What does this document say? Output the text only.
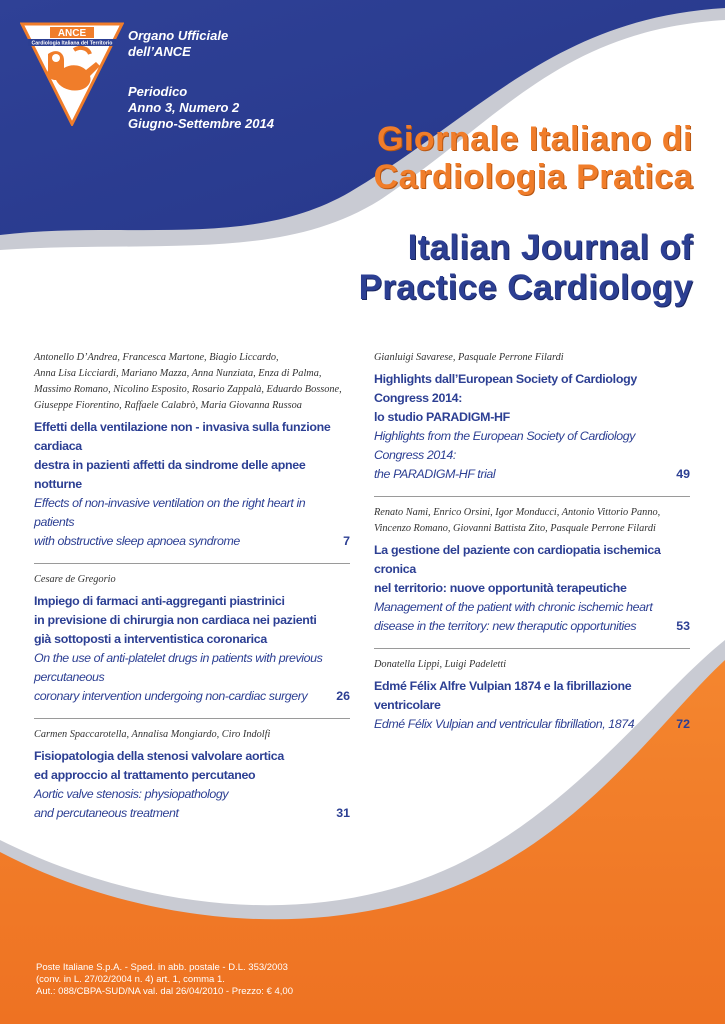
ANCE
Cardiologia Italiana del Territorio
Organo Ufficiale
dell’ANCE
Periodico
Anno 3, Numero 2
Giugno-Settembre 2014	Giornale Italiano di
Cardiologia Pratica
Italian Journal of
Practice Cardiology
Antonello D’Andrea, Francesca Martone, Biagio Liccardo,
Anna Lisa Licciardi, Mariano Mazza, Anna Nunziata, Enza di Palma,
Massimo Romano, Nicolino Esposito, Rosario Zappalà, Eduardo Bossone,
Giuseppe Fiorentino, Raffaele Calabrò, Maria Giovanna Russoa
Effetti della ventilazione non - invasiva sulla funzione cardiaca
destra in pazienti affetti da sindrome delle apnee notturne
Effects of non-invasive ventilation on the right heart in patients
with obstructive sleep apnoea syndrome	7
Cesare de Gregorio
Impiego di farmaci anti-aggreganti piastrinici
in previsione di chirurgia non cardiaca nei pazienti
già sottoposti a interventistica coronarica
On the use of anti-platelet drugs in patients with previous percutaneous
coronary intervention undergoing non-cardiac surgery	26
Carmen Spaccarotella, Annalisa Mongiardo, Ciro Indolfi
Fisiopatologia della stenosi valvolare aortica
ed approccio al trattamento percutaneo
Aortic valve stenosis: physiopathology
and percutaneous treatment	31
Gianluigi Savarese, Pasquale Perrone Filardi
Highlights dall’European Society of Cardiology Congress 2014:
lo studio PARADIGM-HF
Highlights from the European Society of Cardiology Congress 2014:
the PARADIGM-HF trial	49
Renato Nami, Enrico Orsini, Igor Monducci, Antonio Vittorio Panno,
Vincenzo Romano, Giovanni Battista Zito, Pasquale Perrone Filardi
La gestione del paziente con cardiopatia ischemica cronica
nel territorio: nuove opportunità terapeutiche
Management of the patient with chronic ischemic heart
disease in the territory: new theraputic opportunities	53
Donatella Lippi, Luigi Padeletti
Edmé Félix Alfre Vulpian 1874 e la fibrillazione ventricolare
Edmé Félix Vulpian and ventricular fibrillation, 1874	72
Poste Italiane S.p.A. - Sped. in abb. postale - D.L. 353/2003
(conv. in L. 27/02/2004 n. 4) art. 1, comma 1.
Aut.: 088/CBPA-SUD/NA val. dal 26/04/2010 - Prezzo: € 4,00
